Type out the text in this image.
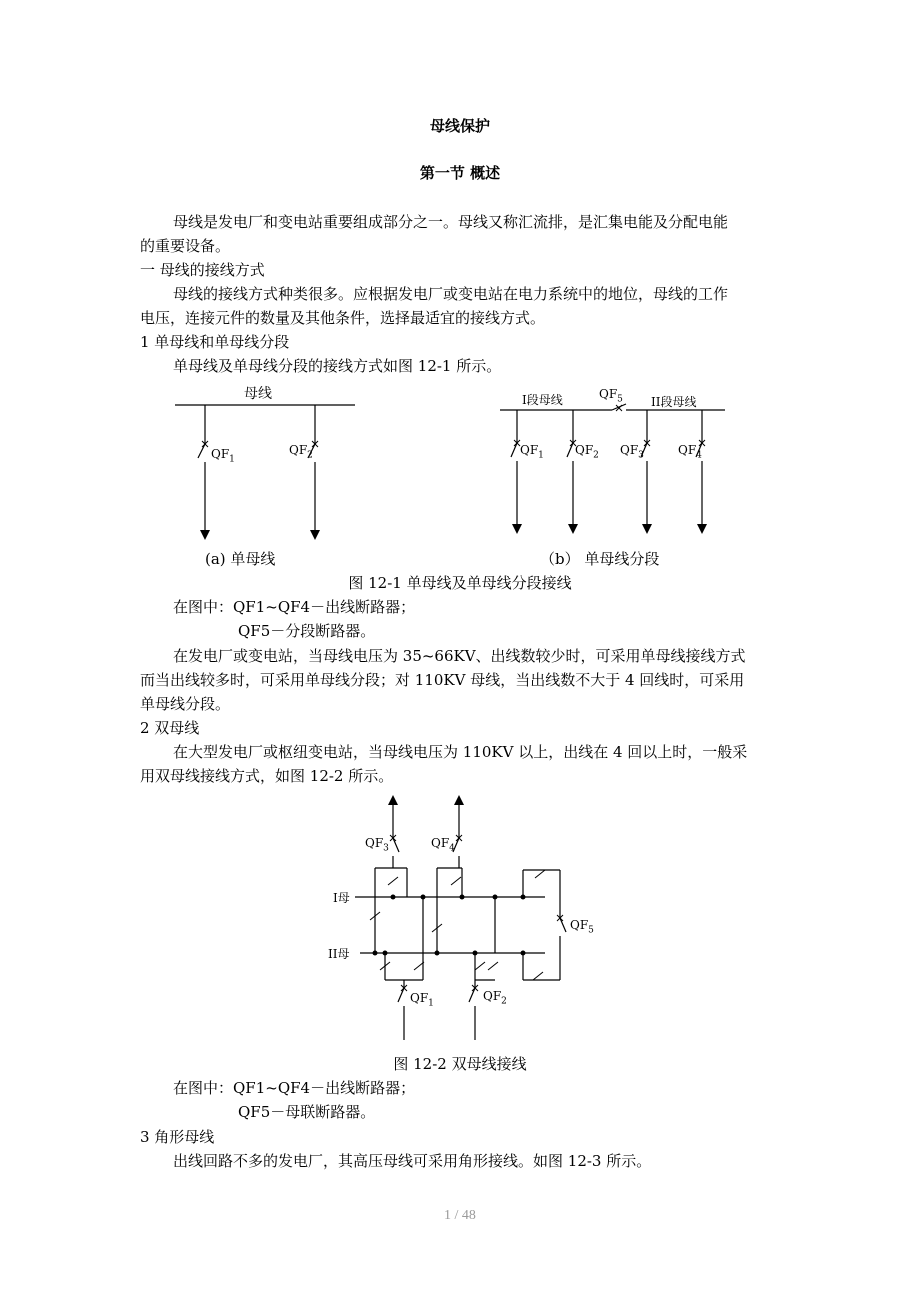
母线保护
第一节 概述
母线是发电厂和变电站重要组成部分之一。母线又称汇流排，是汇集电能及分配电能
的重要设备。
一 母线的接线方式
母线的接线方式种类很多。应根据发电厂或变电站在电力系统中的地位，母线的工作
电压，连接元件的数量及其他条件，选择最适宜的接线方式。
1 单母线和单母线分段
单母线及单母线分段的接线方式如图 12-1 所示。
母线
$QF_1$
$QF_2$
(a) 单母线
I段母线	II段母线
$QF_5$
$QF_1$	$QF_2$ $QF_3$	$QF_4$
（b） 单母线分段
图 12-1 单母线及单母线分段接线
在图中：QF1~QF4－出线断路器；
QF5－分段断路器。
在发电厂或变电站，当母线电压为 35~66KV、出线数较少时，可采用单母线接线方式
而当出线较多时，可采用单母线分段；对 110KV 母线，当出线数不大于 4 回线时，可采用
单母线分段。
2 双母线
在大型发电厂或枢纽变电站，当母线电压为 110KV 以上，出线在 4 回以上时，一般采
用双母线接线方式，如图 12-2 所示。
I母
II母
$QF_3$	$QF_4$
$QF_1$
$QF_2$
$QF_5$
图 12-2 双母线接线
在图中：QF1~QF4－出线断路器；
QF5－母联断路器。
3 角形母线
出线回路不多的发电厂，其高压母线可采用角形接线。如图 12-3 所示。
1 / 48
